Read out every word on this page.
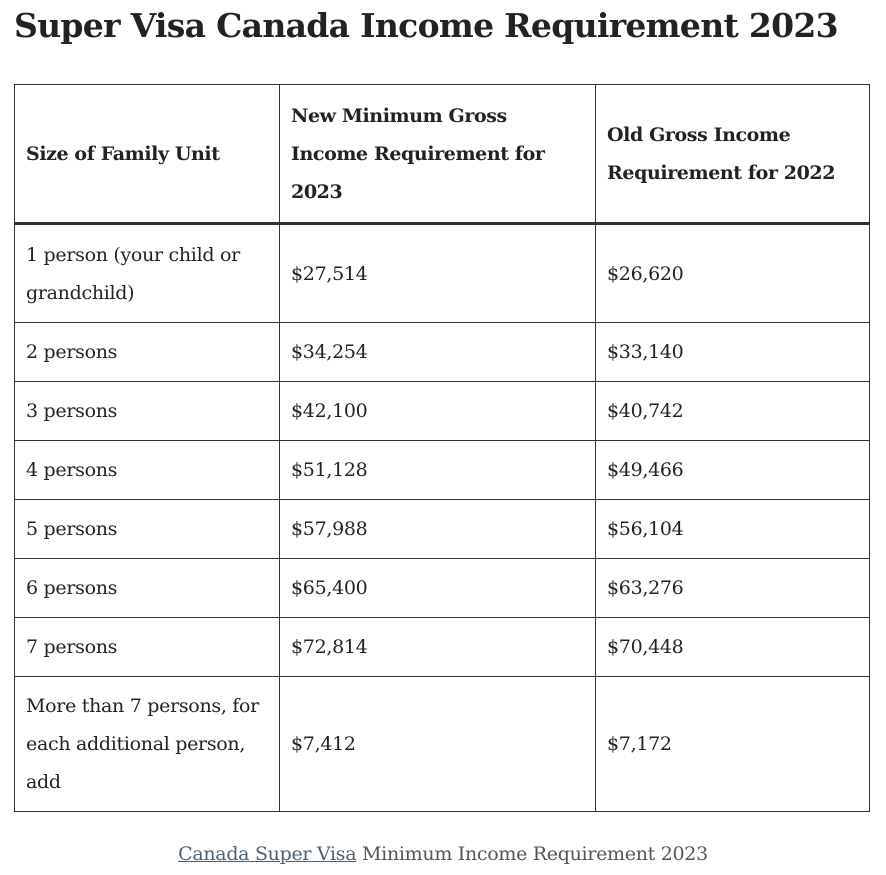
Super Visa Canada Income Requirement 2023
Size of Family Unit	New Minimum Gross Income Requirement for 2023	Old Gross Income Requirement for 2022
1 person (your child or grandchild)	$27,514	$26,620
2 persons	$34,254	$33,140
3 persons	$42,100	$40,742
4 persons	$51,128	$49,466
5 persons	$57,988	$56,104
6 persons	$65,400	$63,276
7 persons	$72,814	$70,448
More than 7 persons, for each additional person, add	$7,412	$7,172
Canada Super Visa Minimum Income Requirement 2023
